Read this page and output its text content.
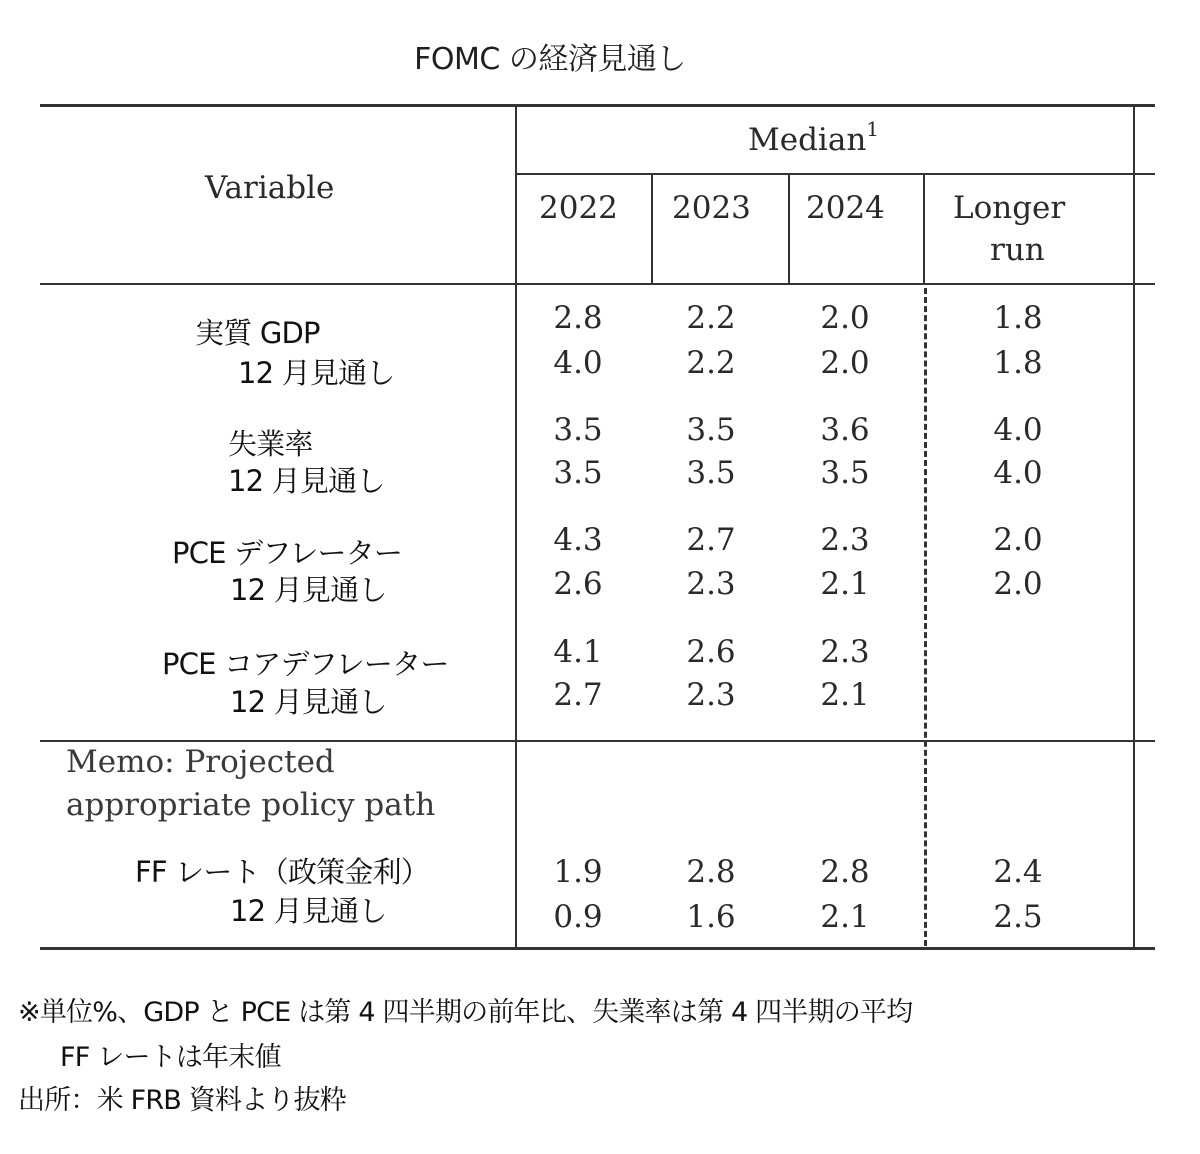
FOMC の経済見通し
Variable
Median$^1$
2022 2023 2024 Longer
run
実質 GDP
12 月見通し
2.8	2.2	2.0	1.8
4.0	2.2	2.0	1.8
失業率
12 月見通し
3.5	3.5	3.6	4.0
3.5	3.5	3.5	4.0
PCE デフレーター
12 月見通し
4.3	2.7	2.3	2.0
2.6	2.3	2.1	2.0
PCE コアデフレーター
12 月見通し
4.1	2.6	2.3
2.7	2.3	2.1
Memo: Projected
appropriate policy path
FF レート（政策金利）
12 月見通し
1.9	2.8	2.8	2.4
0.9	1.6	2.1	2.5
※単位%、GDP と PCE は第 4 四半期の前年比、失業率は第 4 四半期の平均
FF レートは年末値
出所：米 FRB 資料より抜粋
